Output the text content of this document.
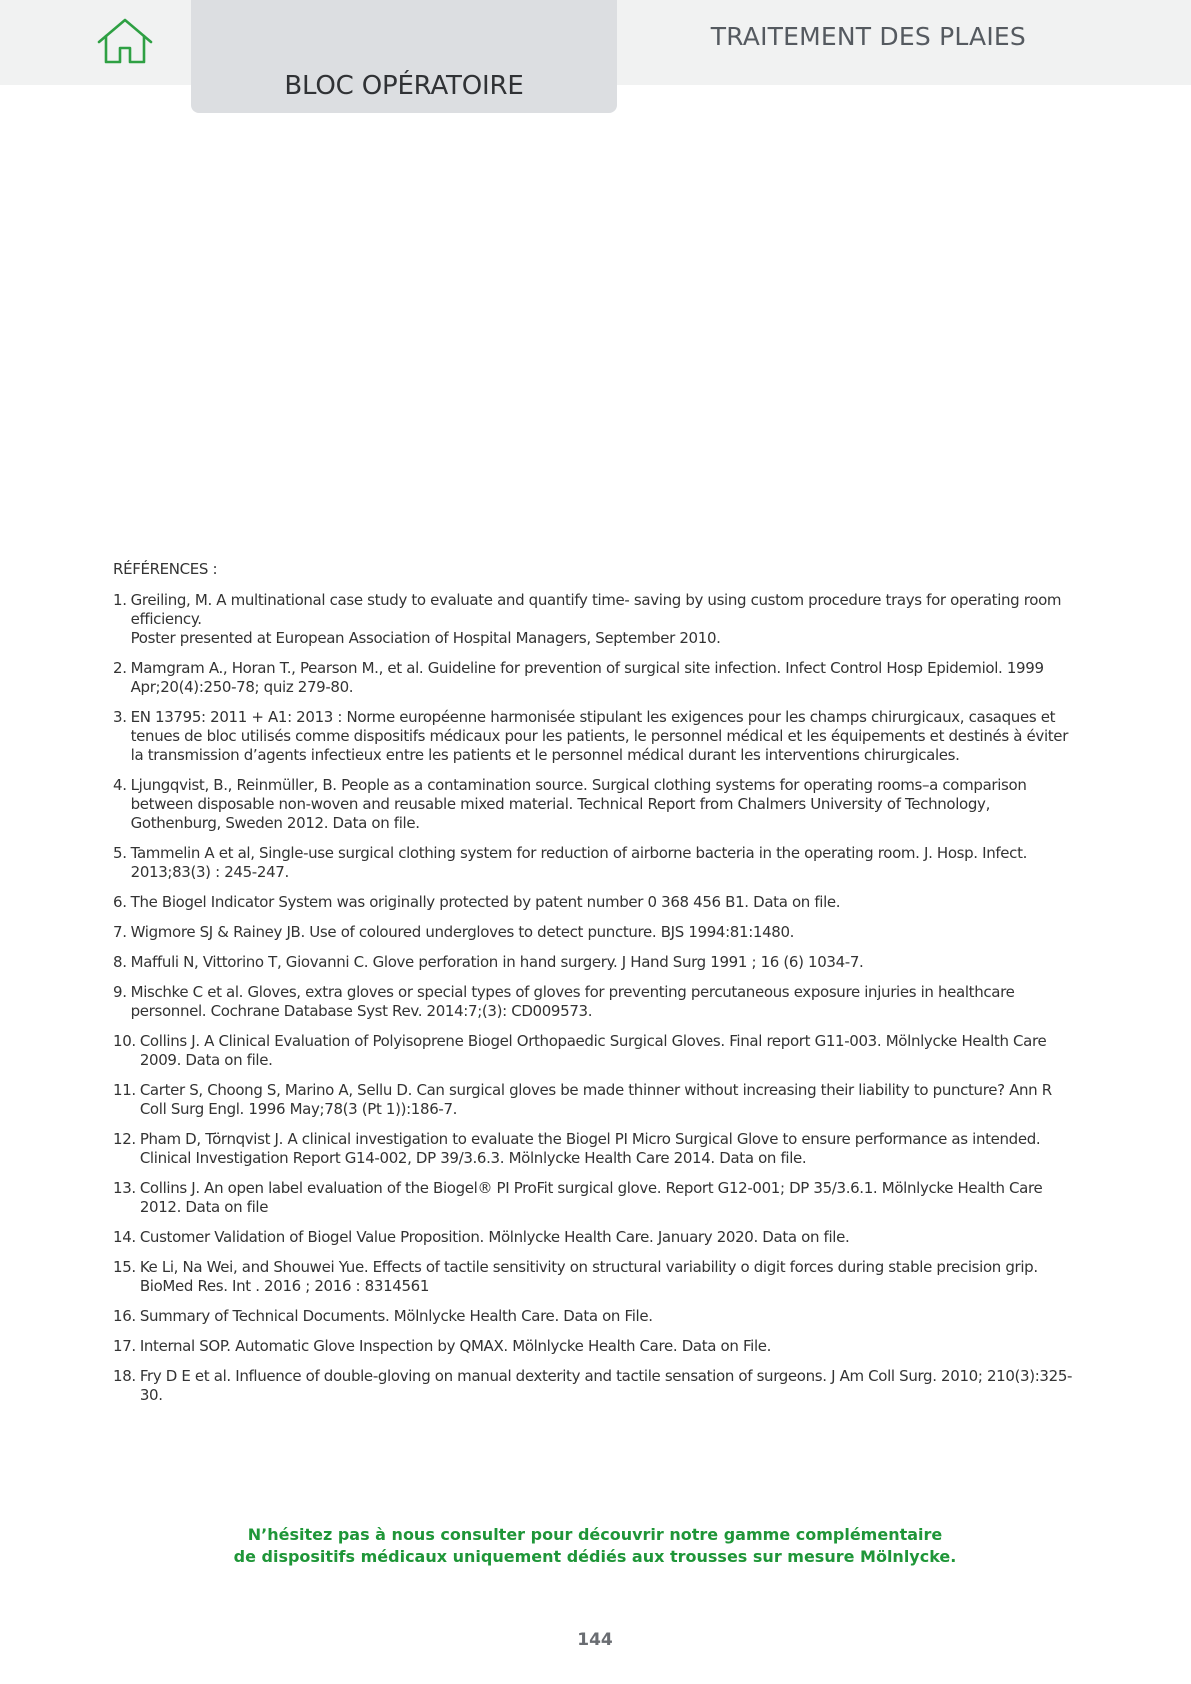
BLOC OPÉRATOIRE
TRAITEMENT DES PLAIES
RÉFÉRENCES :
1. Greiling, M. A multinational case study to evaluate and quantify time- saving by using custom procedure trays for operating room efficiency.
Poster presented at European Association of Hospital Managers, September 2010.
2. Mamgram A., Horan T., Pearson M., et al. Guideline for prevention of surgical site infection. Infect Control Hosp Epidemiol. 1999 Apr;20(4):250-78; quiz 279-80.
3. EN 13795: 2011 + A1: 2013 : Norme européenne harmonisée stipulant les exigences pour les champs chirurgicaux, casaques et tenues de bloc utilisés comme dispositifs médicaux pour les patients, le personnel médical et les équipements et destinés à éviter la transmission d’agents infectieux entre les patients et le personnel médical durant les interventions chirurgicales.
4. Ljungqvist, B., Reinmüller, B. People as a contamination source. Surgical clothing systems for operating rooms–a comparison between disposable non-woven and reusable mixed material. Technical Report from Chalmers University of Technology, Gothenburg, Sweden 2012. Data on file.
5. Tammelin A et al, Single-use surgical clothing system for reduction of airborne bacteria in the operating room. J. Hosp. Infect. 2013;83(3) : 245-247.
6. The Biogel Indicator System was originally protected by patent number 0 368 456 B1. Data on file.
7. Wigmore SJ & Rainey JB. Use of coloured undergloves to detect puncture. BJS 1994:81:1480.
8. Maffuli N, Vittorino T, Giovanni C. Glove perforation in hand surgery. J Hand Surg 1991 ; 16 (6) 1034-7.
9. Mischke C et al. Gloves, extra gloves or special types of gloves for preventing percutaneous exposure injuries in healthcare personnel. Cochrane Database Syst Rev. 2014:7;(3): CD009573.
10. Collins J. A Clinical Evaluation of Polyisoprene Biogel Orthopaedic Surgical Gloves. Final report G11-003. Mölnlycke Health Care 2009. Data on file.
11. Carter S, Choong S, Marino A, Sellu D. Can surgical gloves be made thinner without increasing their liability to puncture? Ann R Coll Surg Engl. 1996 May;78(3 (Pt 1)):186-7.
12. Pham D, Törnqvist J. A clinical investigation to evaluate the Biogel PI Micro Surgical Glove to ensure performance as intended. Clinical Investigation Report G14-002, DP 39/3.6.3. Mölnlycke Health Care 2014. Data on file.
13. Collins J. An open label evaluation of the Biogel® PI ProFit surgical glove. Report G12-001; DP 35/3.6.1. Mölnlycke Health Care 2012. Data on file
14. Customer Validation of Biogel Value Proposition. Mölnlycke Health Care. January 2020. Data on file.
15. Ke Li, Na Wei, and Shouwei Yue. Effects of tactile sensitivity on structural variability o digit forces during stable precision grip. BioMed Res. Int . 2016 ; 2016 : 8314561
16. Summary of Technical Documents. Mölnlycke Health Care. Data on File.
17. Internal SOP. Automatic Glove Inspection by QMAX. Mölnlycke Health Care. Data on File.
18. Fry D E et al. Influence of double-gloving on manual dexterity and tactile sensation of surgeons. J Am Coll Surg. 2010; 210(3):325-30.
N’hésitez pas à nous consulter pour découvrir notre gamme complémentaire
de dispositifs médicaux uniquement dédiés aux trousses sur mesure Mölnlycke.
144
